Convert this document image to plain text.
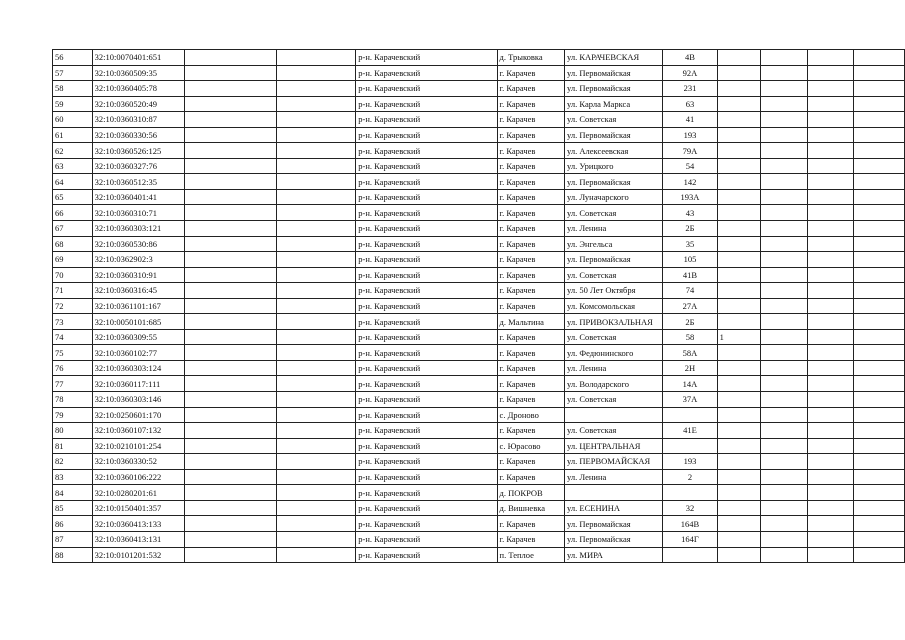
56	32:10:0070401:651			р-н. Карачевский	д. Трыковка	ул. КАРАЧЕВСКАЯ	4В				
57	32:10:0360509:35			р-н. Карачевский	г. Карачев	ул. Первомайская	92А				
58	32:10:0360405:78			р-н. Карачевский	г. Карачев	ул. Первомайская	231				
59	32:10:0360520:49			р-н. Карачевский	г. Карачев	ул. Карла Маркса	63				
60	32:10:0360310:87			р-н. Карачевский	г. Карачев	ул. Советская	41				
61	32:10:0360330:56			р-н. Карачевский	г. Карачев	ул. Первомайская	193				
62	32:10:0360526:125			р-н. Карачевский	г. Карачев	ул. Алексеевская	79А				
63	32:10:0360327:76			р-н. Карачевский	г. Карачев	ул. Урицкого	54				
64	32:10:0360512:35			р-н. Карачевский	г. Карачев	ул. Первомайская	142				
65	32:10:0360401:41			р-н. Карачевский	г. Карачев	ул. Луначарского	193А				
66	32:10:0360310:71			р-н. Карачевский	г. Карачев	ул. Советская	43				
67	32:10:0360303:121			р-н. Карачевский	г. Карачев	ул. Ленина	2Б				
68	32:10:0360530:86			р-н. Карачевский	г. Карачев	ул. Энгельса	35				
69	32:10:0362902:3			р-н. Карачевский	г. Карачев	ул. Первомайская	105				
70	32:10:0360310:91			р-н. Карачевский	г. Карачев	ул. Советская	41В				
71	32:10:0360316:45			р-н. Карачевский	г. Карачев	ул. 50 Лет Октября	74				
72	32:10:0361101:167			р-н. Карачевский	г. Карачев	ул. Комсомольская	27А				
73	32:10:0050101:685			р-н. Карачевский	д. Мальтина	ул. ПРИВОКЗАЛЬНАЯ	2Б				
74	32:10:0360309:55			р-н. Карачевский	г. Карачев	ул. Советская	58	1			
75	32:10:0360102:77			р-н. Карачевский	г. Карачев	ул. Федюнинского	58А				
76	32:10:0360303:124			р-н. Карачевский	г. Карачев	ул. Ленина	2Н				
77	32:10:0360117:111			р-н. Карачевский	г. Карачев	ул. Володарского	14А				
78	32:10:0360303:146			р-н. Карачевский	г. Карачев	ул. Советская	37А				
79	32:10:0250601:170			р-н. Карачевский	с. Дроново						
80	32:10:0360107:132			р-н. Карачевский	г. Карачев	ул. Советская	41Е				
81	32:10:0210101:254			р-н. Карачевский	с. Юрасово	ул. ЦЕНТРАЛЬНАЯ					
82	32:10:0360330:52			р-н. Карачевский	г. Карачев	ул. ПЕРВОМАЙСКАЯ	193				
83	32:10:0360106:222			р-н. Карачевский	г. Карачев	ул. Ленина	2				
84	32:10:0280201:61			р-н. Карачевский	д. ПОКРОВ						
85	32:10:0150401:357			р-н. Карачевский	д. Вишневка	ул. ЕСЕНИНА	32				
86	32:10:0360413:133			р-н. Карачевский	г. Карачев	ул. Первомайская	164В				
87	32:10:0360413:131			р-н. Карачевский	г. Карачев	ул. Первомайская	164Г				
88	32:10:0101201:532			р-н. Карачевский	п. Теплое	ул. МИРА					
